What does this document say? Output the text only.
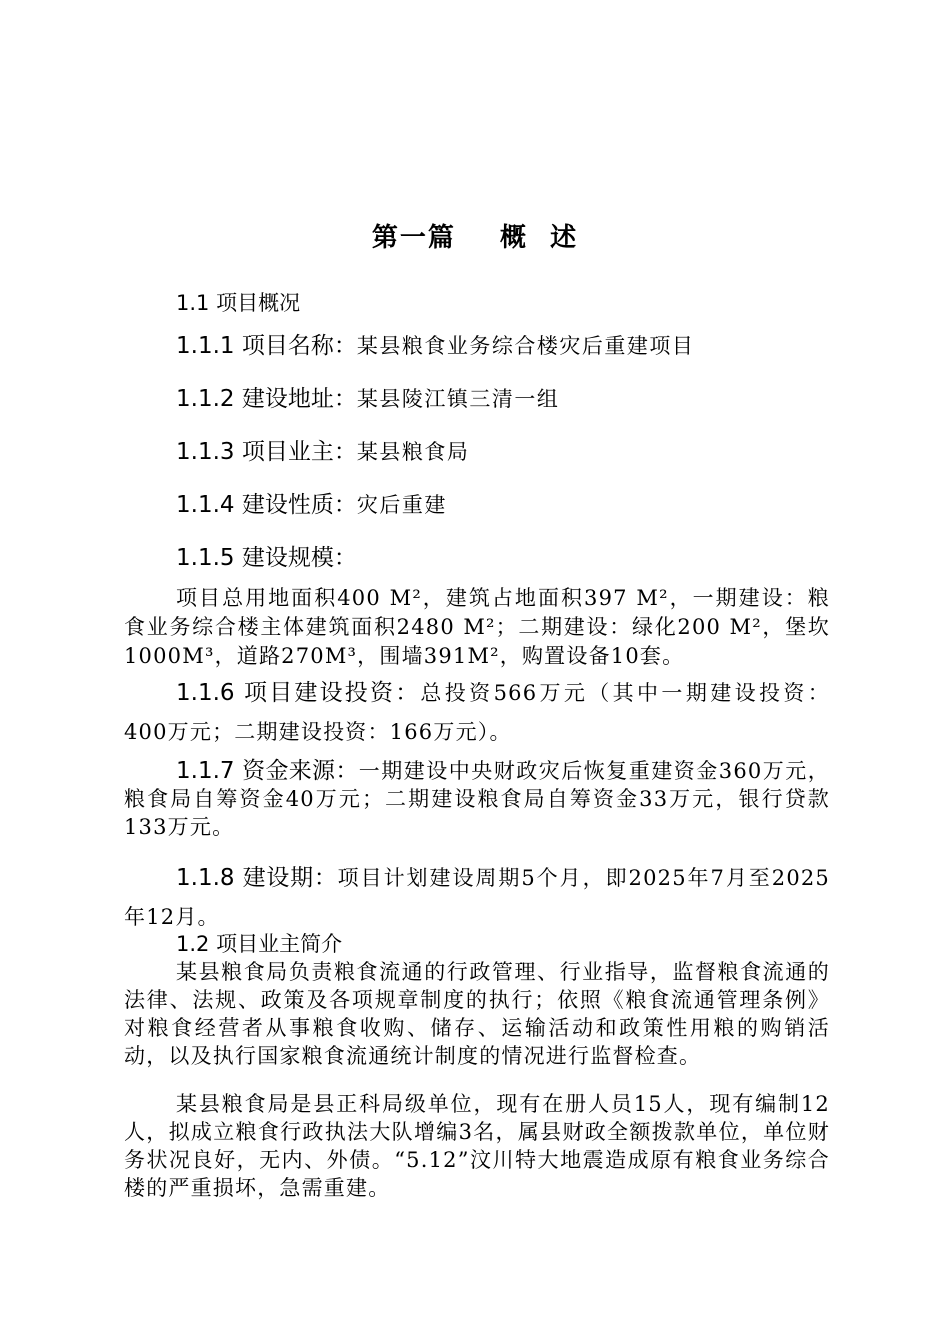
第一篇    概  述
1.1 项目概况
1.1.1 项目名称：某县粮食业务综合楼灾后重建项目
1.1.2 建设地址：某县陵江镇三清一组
1.1.3 项目业主：某县粮食局
1.1.4 建设性质：灾后重建
1.1.5 建设规模：
项目总用地面积400 M²，建筑占地面积397 M²，一期建设：粮食业务综合楼主体建筑面积2480 M²；二期建设：绿化200 M²，堡坎1000M³，道路270M³，围墙391M²，购置设备10套。
1.1.6 项目建设投资：总投资566万元（其中一期建设投资： 400万元；二期建设投资：166万元）。
1.1.7 资金来源：一期建设中央财政灾后恢复重建资金360万元，粮食局自筹资金40万元；二期建设粮食局自筹资金33万元，银行贷款133万元。
1.1.8 建设期：项目计划建设周期5个月，即2025年7月至2025年12月。
1.2 项目业主简介
某县粮食局负责粮食流通的行政管理、行业指导，监督粮食流通的法律、法规、政策及各项规章制度的执行；依照《粮食流通管理条例》对粮食经营者从事粮食收购、储存、运输活动和政策性用粮的购销活动，以及执行国家粮食流通统计制度的情况进行监督检查。
某县粮食局是县正科局级单位，现有在册人员15人，现有编制12人，拟成立粮食行政执法大队增编3名，属县财政全额拨款单位，单位财务状况良好，无内、外债。“5.12”汶川特大地震造成原有粮食业务综合楼的严重损坏，急需重建。
